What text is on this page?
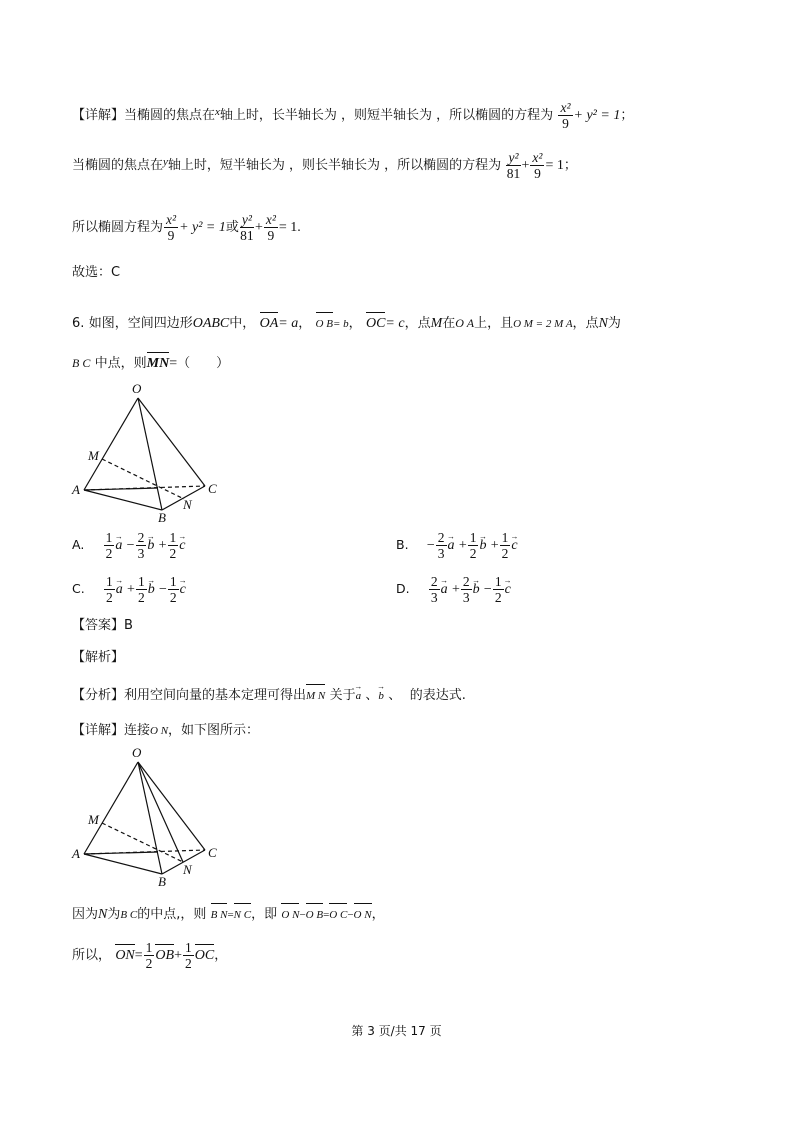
【详解】当椭圆的焦点在$^x$轴上时，长半轴长为 ，则短半轴长为 ，所以椭圆的方程为 $\frac{\text{x²}}{9} + y^2 = 1$；
当椭圆的焦点在$^y$轴上时，短半轴长为 ，则长半轴长为 ，所以椭圆的方程为 $\frac{\text{y²}}{81} + \frac{\text{x²}}{9} = 1$；
所以椭圆方程为 $\frac{\text{x²}}{9} + y^2 = 1$或 $\frac{\text{y²}}{81} + \frac{\text{x²}}{9} = 1$.
故选：C
6. 如图，空间四边形OABC中， OA= a， O B= b， OC= c，点M在O A上，且O M = 2 M A，点N为
B C 中点，则MN=（　　）
O
M
A	C
N
B
A. $\frac{1}{2}$
→ $a - \frac{2}{3}$
→ $b + \frac{1}{2}$
→ c	B. − $\frac{2}{3}$
→ $a + \frac{1}{2}$
→ $b + \frac{1}{2}$
→ c
C. $\frac{1}{2}$
→ $a + \frac{1}{2}$
→ $b - \frac{1}{2}$
→ c	D. $\frac{2}{3}$
→ $a + \frac{2}{3}$
→ $b - \frac{1}{2}$
→ c
【答案】B
【解析】
【分析】利用空间向量的基本定理可得出M N 关于→ a 、→ b 、 的表达式.
【详解】连接O N，如下图所示：
O
M
A	C
N
B
因为N为B C的中点,，则 B N=N C，即 O N−O B=O C−O N，
所以， $ON= \frac{1}{2} OB+ \frac{1}{2}$ OC，
第 3 页/共 17 页
